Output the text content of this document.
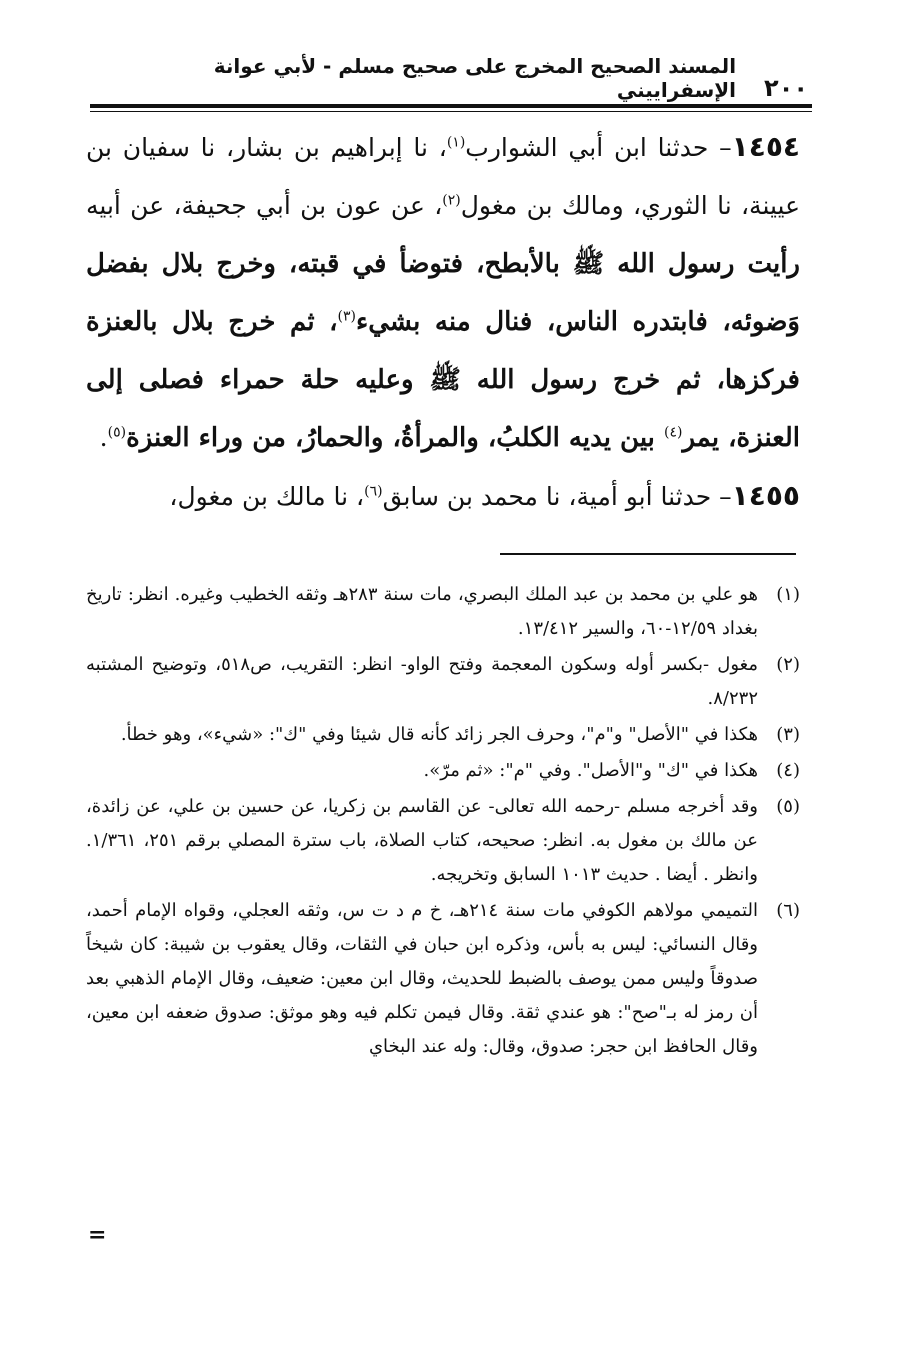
٢٠٠
المسند الصحيح المخرج على صحيح مسلم - لأبي عوانة الإسفراييني

١٤٥٤– حدثنا ابن أبي الشوارب$^{(١)}$، نا إبراهيم بن بشار، نا سفيان بن عيينة، نا الثوري، ومالك بن مغول$^{(٢)}$، عن عون بن أبي جحيفة، عن أبيه رأيت رسول الله ﷺ بالأبطح، فتوضأ في قبته، وخرج بلال بفضل وَضوئه، فابتدره الناس، فنال منه بشيء$^{(٣)}$، ثم خرج بلال بالعنزة فركزها، ثم خرج رسول الله ﷺ وعليه حلة حمراء فصلى إلى العنزة، يمر$^{(٤)}$ بين يديه الكلبُ، والمرأةُ، والحمارُ، من وراء العنزة$^{(٥)}$.

١٤٥٥– حدثنا أبو أمية، نا محمد بن سابق$^{(٦)}$، نا مالك بن مغول،

(١)
هو علي بن محمد بن عبد الملك البصري، مات سنة ٢٨٣هـ وثقه الخطيب وغيره. انظر: تاريخ بغداد ١٢/٥٩-٦٠، والسير ١٣/٤١٢.

(٢)
مغول -بكسر أوله وسكون المعجمة وفتح الواو- انظر: التقريب، ص٥١٨، وتوضيح المشتبه ٨/٢٣٢.

(٣)
هكذا في "الأصل" و"م"، وحرف الجر زائد كأنه قال شيئا وفي "ك": «شيء»، وهو خطأ.

(٤)
هكذا في "ك" و"الأصل". وفي "م": «ثم مرّ».

(٥)
وقد أخرجه مسلم -رحمه الله تعالى- عن القاسم بن زكريا، عن حسين بن علي، عن زائدة، عن مالك بن مغول به. انظر: صحيحه، كتاب الصلاة، باب سترة المصلي برقم ٢٥١، ١/٣٦١. وانظر . أيضا . حديث ١٠١٣ السابق وتخريجه.

(٦)
التميمي مولاهم الكوفي مات سنة ٢١٤هـ، خ م د ت س، وثقه العجلي، وقواه الإمام أحمد، وقال النسائي: ليس به بأس، وذكره ابن حبان في الثقات، وقال يعقوب بن شيبة: كان شيخاً صدوقاً وليس ممن يوصف بالضبط للحديث، وقال ابن معين: ضعيف، وقال الإمام الذهبي بعد أن رمز له بـ"صح": هو عندي ثقة. وقال فيمن تكلم فيه وهو موثق: صدوق ضعفه ابن معين، وقال الحافظ ابن حجر: صدوق، وقال: وله عند البخاي

=
